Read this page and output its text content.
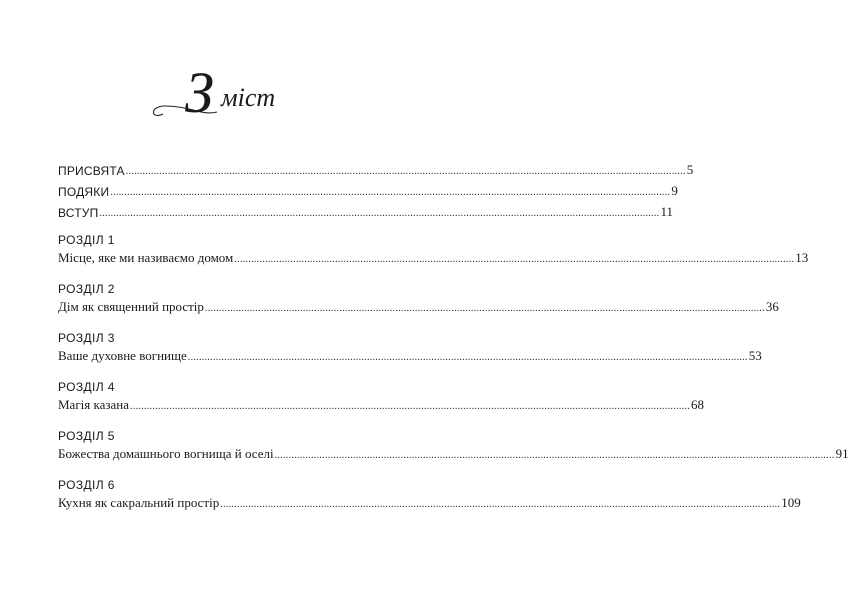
З міст
ПРИСВЯТА ........................................................................................................................................................................................................ 5
ПОДЯКИ ........................................................................................................................................................................................................ 9
ВСТУП ........................................................................................................................................................................................................ 11
РОЗДІЛ 1
Місце, яке ми називаємо домом ........................................................................................................................................................................................................ 13
РОЗДІЛ 2
Дім як священний простір ........................................................................................................................................................................................................ 36
РОЗДІЛ 3
Ваше духовне вогнище ........................................................................................................................................................................................................ 53
РОЗДІЛ 4
Магія казана ........................................................................................................................................................................................................ 68
РОЗДІЛ 5
Божества домашнього вогнища й оселі ........................................................................................................................................................................................................ 91
РОЗДІЛ 6
Кухня як сакральний простір ........................................................................................................................................................................................................ 109
